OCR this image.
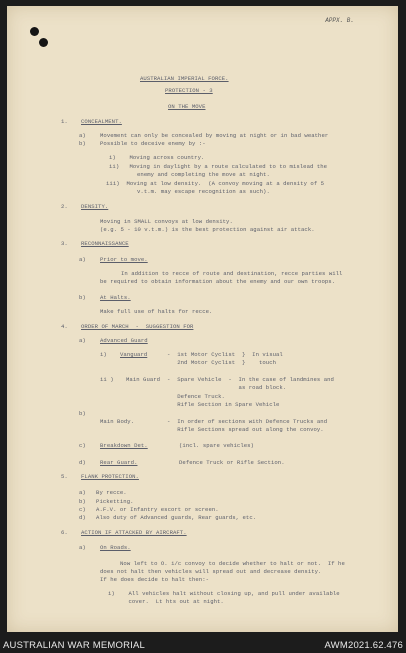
APPX. B.
AUSTRALIAN IMPERIAL FORCE.
PROTECTION - 3
ON THE MOVE
1. CONCEALMENT.
a)	Movement can only be concealed by moving at night or in bad weather
b)	Possible to deceive enemy by :-
i)    Moving across country.
ii)   Moving in daylight by a route calculated to to mislead the
enemy and completing the move at night.
iii)  Moving at low density.  (A convoy moving at a density of 5
v.t.m. may escape recognition as such).
2. DENSITY.
Moving in SMALL convoys at low density.
(e.g. 5 - 10 v.t.m.) is the best protection against air attack.
3. RECONNAISSANCE
a)	Prior to move.
In addition to recce of route and destination, recce parties will
be required to obtain information about the enemy and our own troops.
b)	At Halts.
Make full use of halts for recce.
4. ORDER OF MARCH  -  SUGGESTION FOR
a)	Advanced Guard
i) Vanguard	-  1st Motor Cyclist  }  In visual
2nd Motor Cyclist  }    touch
ii ) Main Guard -  Spare Vehicle  -  In the case of landmines and
as road block.
Defence Truck.
Rifle Section in Spare Vehicle
b)
Main Body.	-  In order of sections with Defence Trucks and
Rifle Sections spread out along the convoy.
c)	Breakdown Det.	(incl. spare vehicles)
d)	Rear Guard.	Defence Truck or Rifle Section.
5. FLANK PROTECTION.
a)   By recce.
b)   Picketting.
c)   A.F.V. or Infantry escort or screen.
d)   Also duty of Advanced guards, Rear guards, etc.
6. ACTION IF ATTACKED BY AIRCRAFT.
a)	On Roads.
Now left to O. i/c convoy to decide whether to halt or not.  If he
does not halt then vehicles will spread out and decrease density.
If he does decide to halt then:-
i)    All vehicles halt without closing up, and pull under available
cover.  Lt hts out at night.
AUSTRALIAN WAR MEMORIAL	AWM2021.62.476
